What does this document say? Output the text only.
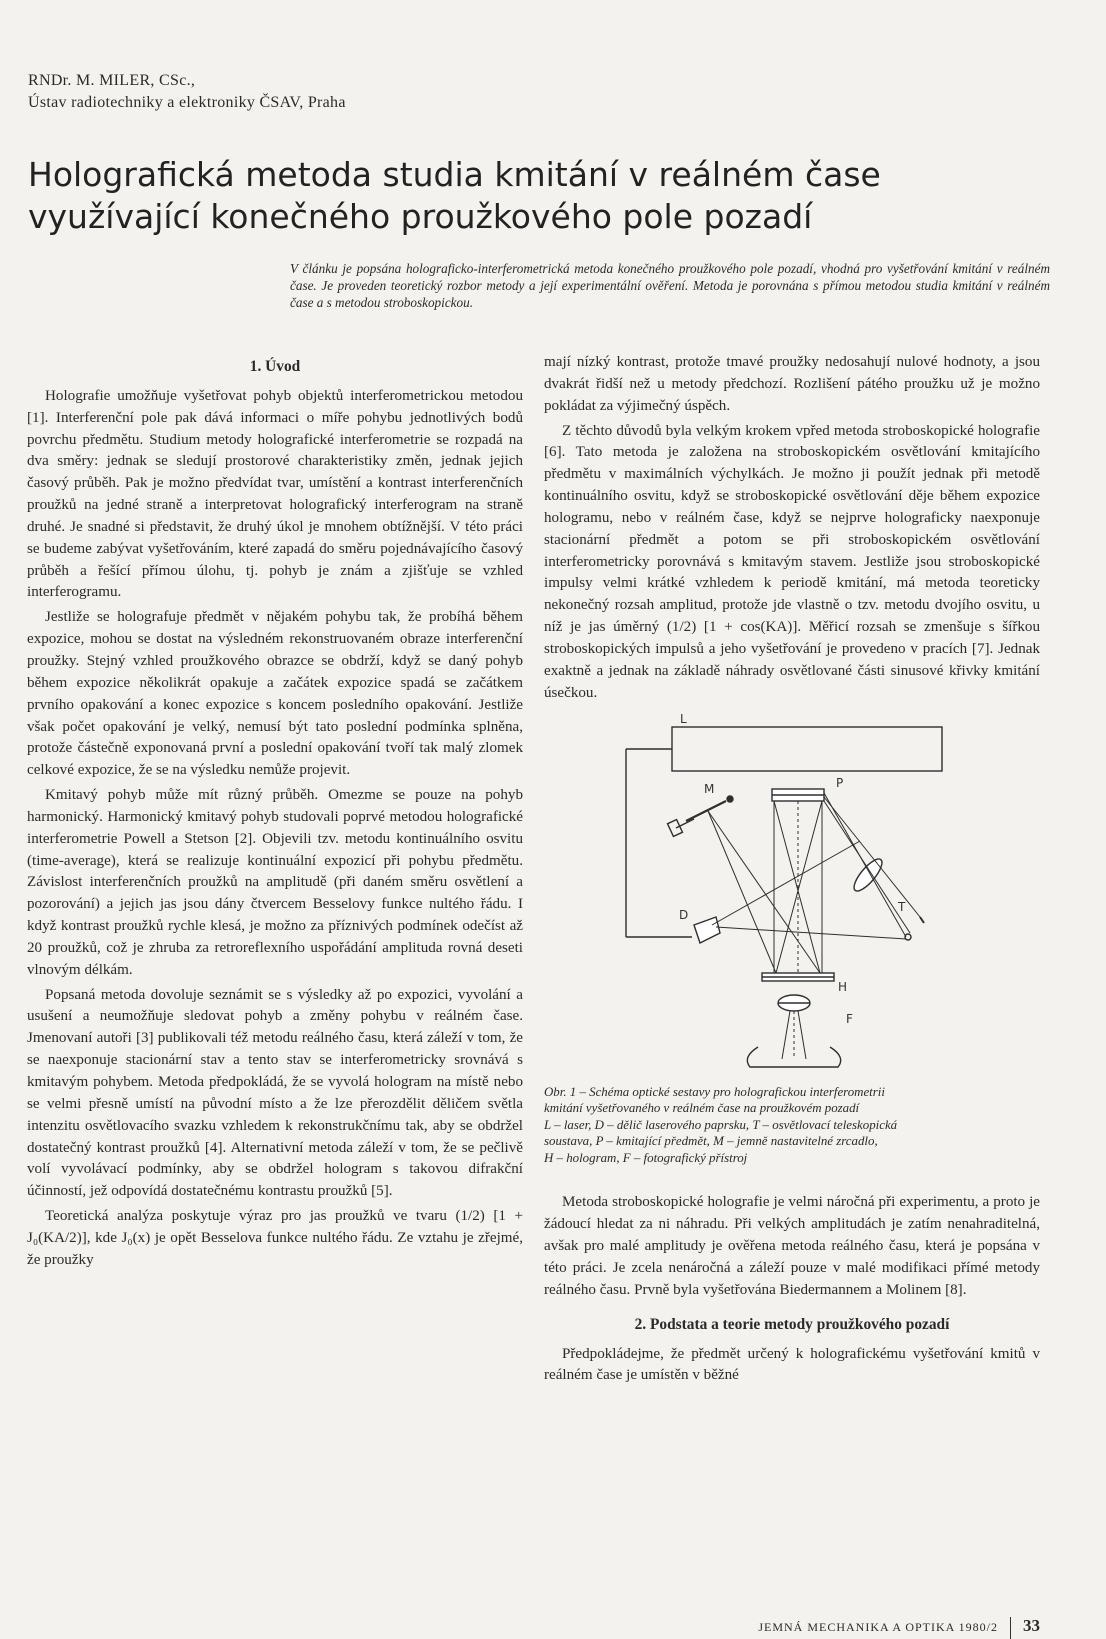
RNDr. M. MILER, CSc.,
Ústav radiotechniky a elektroniky ČSAV, Praha
Holografická metoda studia kmitání v reálném čase
využívající konečného proužkového pole pozadí

V článku je popsána holograficko-interferometrická metoda konečného proužkového pole pozadí, vhodná pro vyšetřování kmitání v reálném čase. Je proveden teoretický rozbor metody a její experimentální ověření. Metoda je porovnána s přímou metodou studia kmitání v reálném čase a s metodou stroboskopickou.

1. Úvod

Holografie umožňuje vyšetřovat pohyb objektů interferometrickou metodou [1]. Interferenční pole pak dává informaci o míře pohybu jednotlivých bodů povrchu předmětu. Studium metody holografické interferometrie se rozpadá na dva směry: jednak se sledují prostorové charakteristiky změn, jednak jejich časový průběh. Pak je možno předvídat tvar, umístění a kontrast interferenčních proužků na jedné straně a interpretovat holografický interferogram na straně druhé. Je snadné si představit, že druhý úkol je mnohem obtížnější. V této práci se budeme zabývat vyšetřováním, které zapadá do směru pojednávajícího časový průběh a řešící přímou úlohu, tj. pohyb je znám a zjišťuje se vzhled interferogramu.

Jestliže se holografuje předmět v nějakém pohybu tak, že probíhá během expozice, mohou se dostat na výsledném rekonstruovaném obraze interferenční proužky. Stejný vzhled proužkového obrazce se obdrží, když se daný pohyb během expozice několikrát opakuje a začátek expozice spadá se začátkem prvního opakování a konec expozice s koncem posledního opakování. Jestliže však počet opakování je velký, nemusí být tato poslední podmínka splněna, protože částečně exponovaná první a poslední opakování tvoří tak malý zlomek celkové expozice, že se na výsledku nemůže projevit.

Kmitavý pohyb může mít různý průběh. Omezme se pouze na pohyb harmonický. Harmonický kmitavý pohyb studovali poprvé metodou holografické interferometrie Powell a Stetson [2]. Objevili tzv. metodu kontinuálního osvitu (time-average), která se realizuje kontinuální expozicí při pohybu předmětu. Závislost interferenčních proužků na amplitudě (při daném směru osvětlení a pozorování) a jejich jas jsou dány čtvercem Besselovy funkce nultého řádu. I když kontrast proužků rychle klesá, je možno za příznivých podmínek odečíst až 20 proužků, což je zhruba za retroreflexního uspořádání amplituda rovná deseti vlnovým délkám.

Popsaná metoda dovoluje seznámit se s výsledky až po expozici, vyvolání a usušení a neumožňuje sledovat pohyb a změny pohybu v reálném čase. Jmenovaní autoři [3] publikovali též metodu reálného času, která záleží v tom, že se naexponuje stacionární stav a tento stav se interferometricky srovnává s kmitavým pohybem. Metoda předpokládá, že se vyvolá hologram na místě nebo se velmi přesně umístí na původní místo a že lze přerozdělit děličem světla intenzitu osvětlovacího svazku vzhledem k rekonstrukčnímu tak, aby se obdržel dostatečný kontrast proužků [4]. Alternativní metoda záleží v tom, že se pečlivě volí vyvolávací podmínky, aby se obdržel hologram s takovou difrakční účinností, jež odpovídá dostatečnému kontrastu proužků [5].

Teoretická analýza poskytuje výraz pro jas proužků ve tvaru (1/2) [1 + J₀(KA/2)], kde J₀(x) je opět Besselova funkce nultého řádu. Ze vztahu je zřejmé, že proužky

mají nízký kontrast, protože tmavé proužky nedosahují nulové hodnoty, a jsou dvakrát řidší než u metody předchozí. Rozlišení pátého proužku už je možno pokládat za výjimečný úspěch.

Z těchto důvodů byla velkým krokem vpřed metoda stroboskopické holografie [6]. Tato metoda je založena na stroboskopickém osvětlování kmitajícího předmětu v maximálních výchylkách. Je možno ji použít jednak při metodě kontinuálního osvitu, když se stroboskopické osvětlování děje během expozice hologramu, nebo v reálném čase, když se nejprve holograficky naexponuje stacionární předmět a potom se při stroboskopickém osvětlování interferometricky porovnává s kmitavým stavem. Jestliže jsou stroboskopické impulsy velmi krátké vzhledem k periodě kmitání, má metoda teoreticky nekonečný rozsah amplitud, protože jde vlastně o tzv. metodu dvojího osvitu, u níž je jas úměrný (1/2) [1 + cos(KA)]. Měřicí rozsah se zmenšuje s šířkou stroboskopických impulsů a jeho vyšetřování je provedeno v pracích [7]. Jednak exaktně a jednak na základě náhrady osvětlované části sinusové křivky kmitání úsečkou.

L
D
M	P
T
H
F
Obr. 1 – Schéma optické sestavy pro holografickou interferometrii
kmitání vyšetřovaného v reálném čase na proužkovém pozadí
L – laser, D – dělič laserového paprsku, T – osvětlovací teleskopická
soustava, P – kmitající předmět, M – jemně nastavitelné zrcadlo,
H – hologram, F – fotografický přístroj

Metoda stroboskopické holografie je velmi náročná při experimentu, a proto je žádoucí hledat za ni náhradu. Při velkých amplitudách je zatím nenahraditelná, avšak pro malé amplitudy je ověřena metoda reálného času, která je popsána v této práci. Je zcela nenáročná a záleží pouze v malé modifikaci přímé metody reálného času. Prvně byla vyšetřována Biedermannem a Molinem [8].

2. Podstata a teorie metody proužkového pozadí

Předpokládejme, že předmět určený k holografickému vyšetřování kmitů v reálném čase je umístěn v běžné

JEMNÁ MECHANIKA A OPTIKA 1980/2 33
